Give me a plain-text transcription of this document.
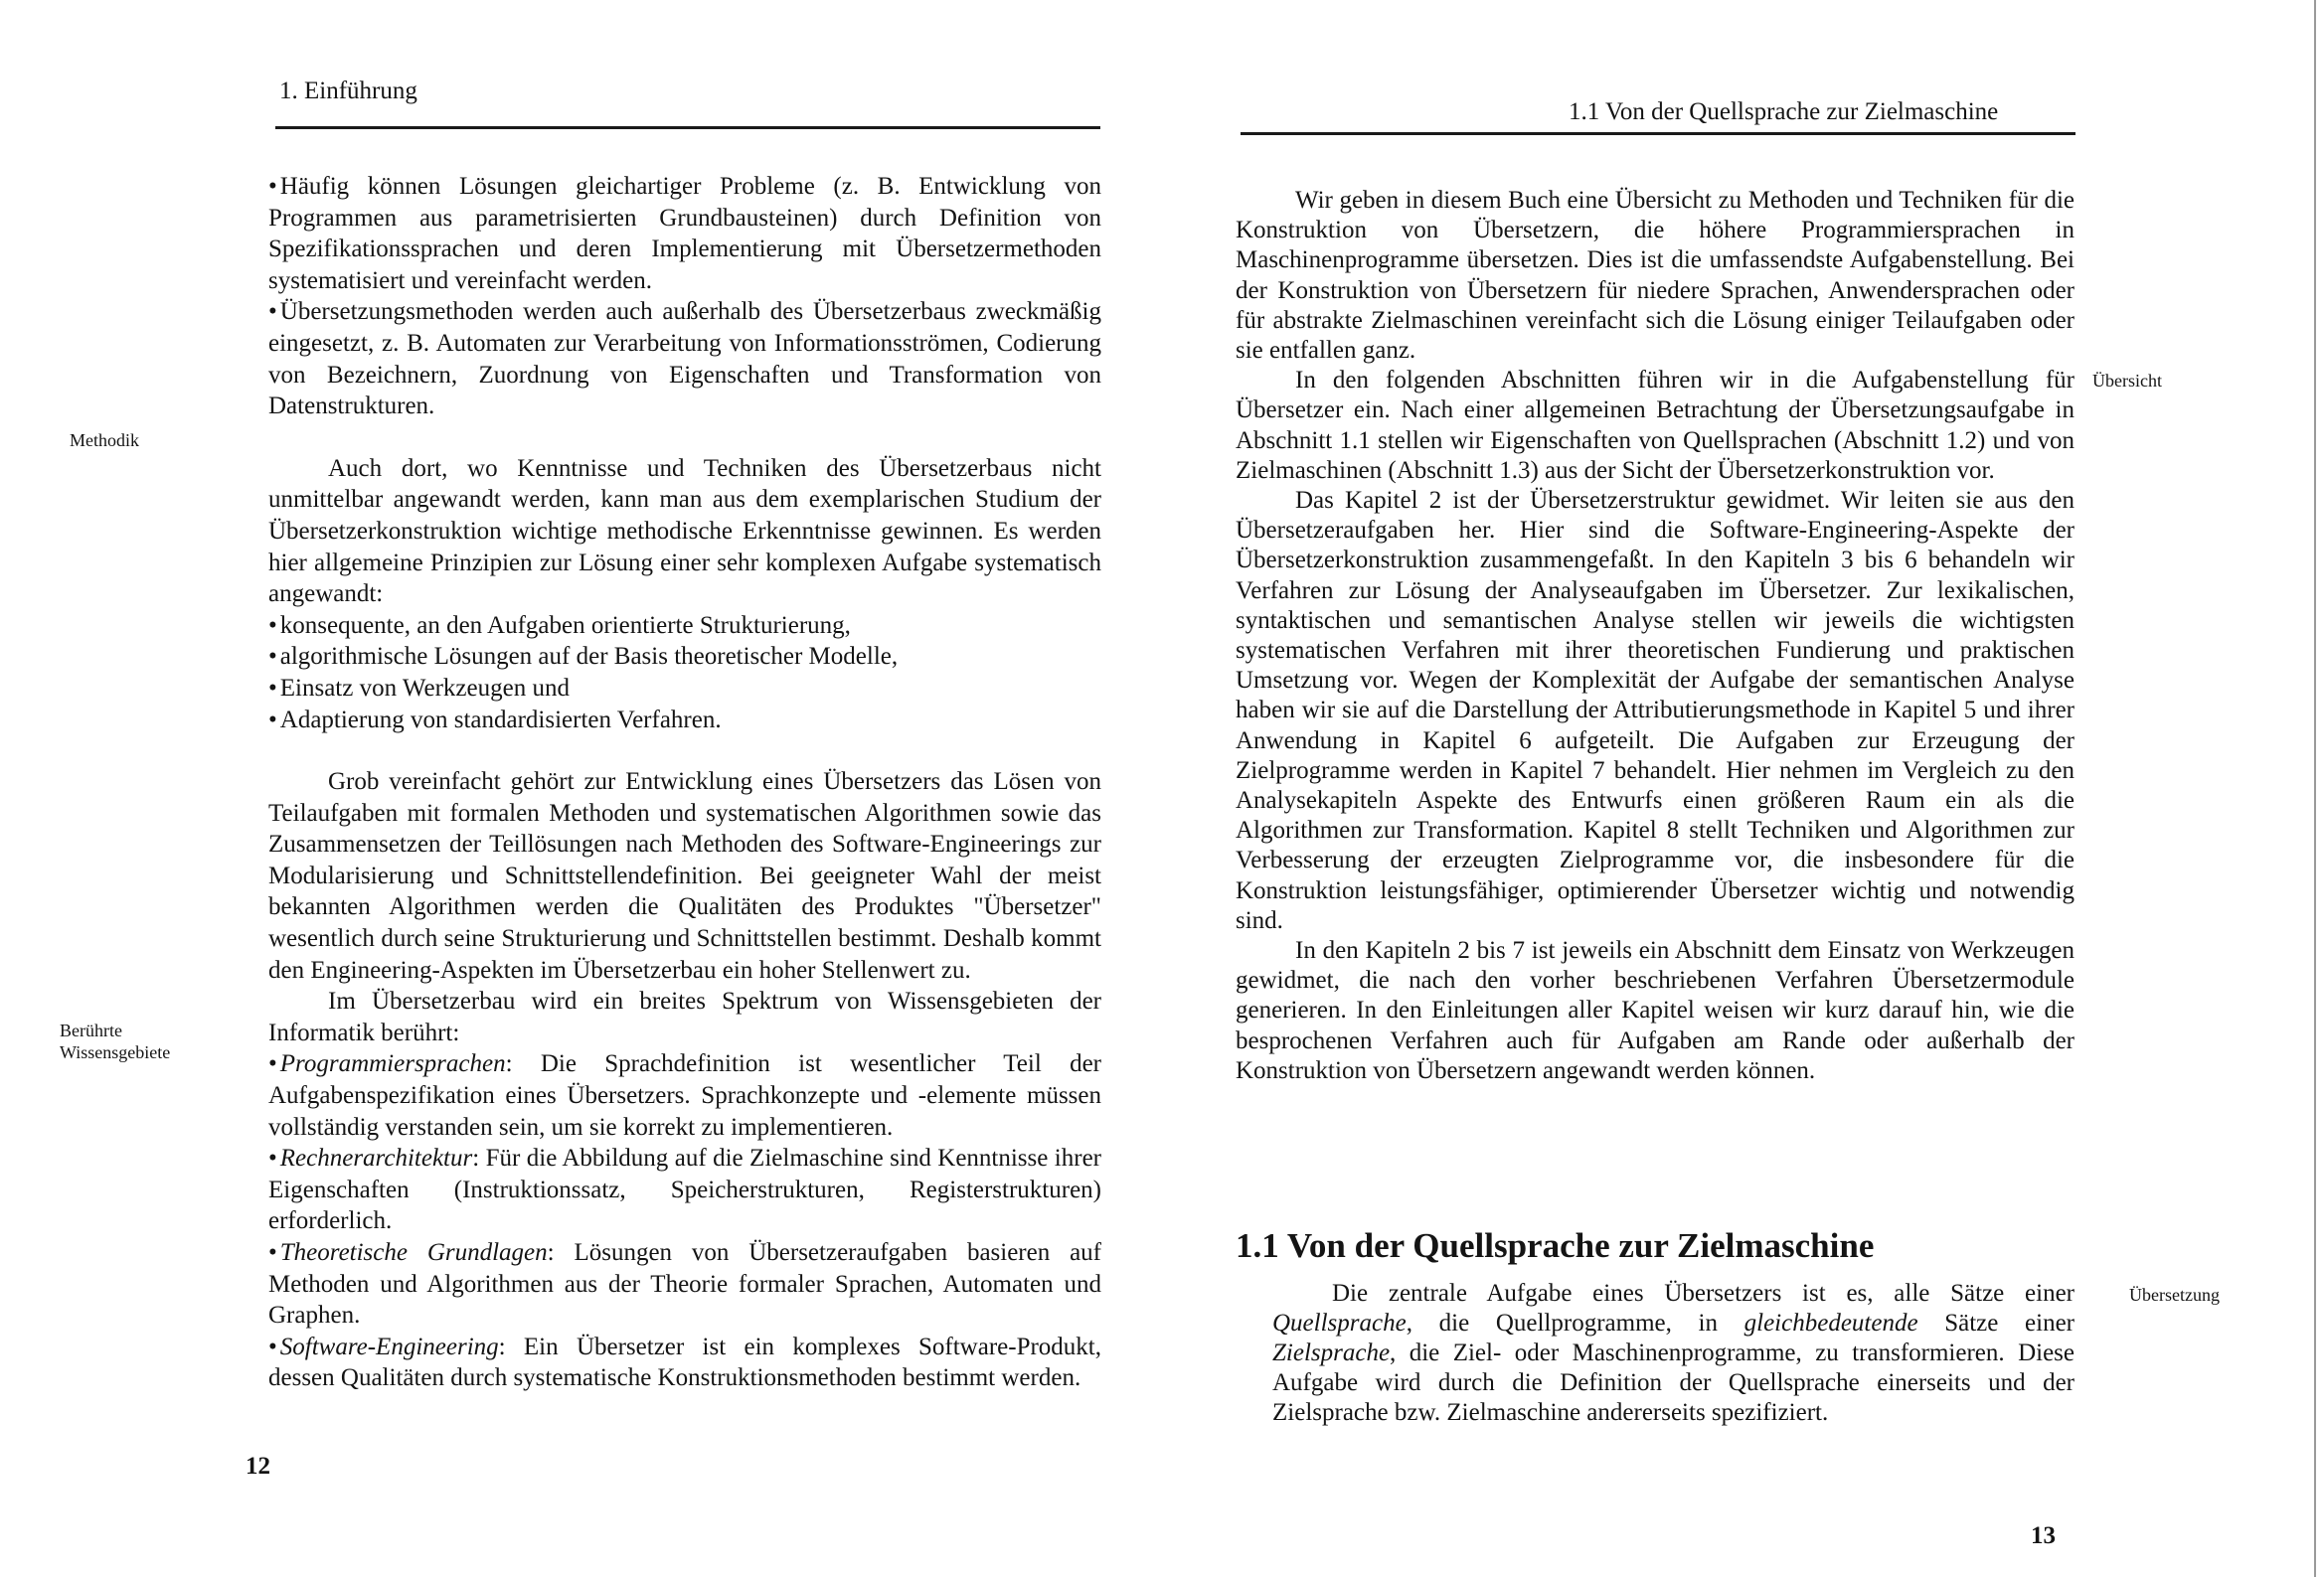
1. Einführung
Methodik
Berührte
Wissensgebiete

• Häufig können Lösungen gleichartiger Probleme (z. B. Entwicklung von Programmen aus parametrisierten Grundbausteinen) durch Definition von Spezifikationssprachen und deren Implementierung mit Übersetzermethoden systematisiert und vereinfacht werden.

• Übersetzungsmethoden werden auch außerhalb des Übersetzerbaus zweckmäßig eingesetzt, z. B. Automaten zur Verarbeitung von Informationsströmen, Codierung von Bezeichnern, Zuordnung von Eigenschaften und Transformation von Datenstrukturen.

Auch dort, wo Kenntnisse und Techniken des Übersetzerbaus nicht unmittelbar angewandt werden, kann man aus dem exemplarischen Studium der Übersetzerkonstruktion wichtige methodische Erkenntnisse gewinnen. Es werden hier allgemeine Prinzipien zur Lösung einer sehr komplexen Aufgabe systematisch angewandt:

• konsequente, an den Aufgaben orientierte Strukturierung,

• algorithmische Lösungen auf der Basis theoretischer Modelle,

• Einsatz von Werkzeugen und

• Adaptierung von standardisierten Verfahren.

Grob vereinfacht gehört zur Entwicklung eines Übersetzers das Lösen von Teilaufgaben mit formalen Methoden und systematischen Algorithmen sowie das Zusammensetzen der Teillösungen nach Methoden des Software-Engineerings zur Modularisierung und Schnittstellendefinition. Bei geeigneter Wahl der meist bekannten Algorithmen werden die Qualitäten des Produktes "Übersetzer" wesentlich durch seine Strukturierung und Schnittstellen bestimmt. Deshalb kommt den Engineering-Aspekten im Übersetzerbau ein hoher Stellenwert zu.

Im Übersetzerbau wird ein breites Spektrum von Wissensgebieten der Informatik berührt:

• Programmiersprachen: Die Sprachdefinition ist wesentlicher Teil der Aufgabenspezifikation eines Übersetzers. Sprachkonzepte und -elemente müssen vollständig verstanden sein, um sie korrekt zu implementieren.

• Rechnerarchitektur: Für die Abbildung auf die Zielmaschine sind Kenntnisse ihrer Eigenschaften (Instruktionssatz, Speicherstrukturen, Registerstrukturen) erforderlich.

• Theoretische Grundlagen: Lösungen von Übersetzeraufgaben basieren auf Methoden und Algorithmen aus der Theorie formaler Sprachen, Automaten und Graphen.

• Software-Engineering: Ein Übersetzer ist ein komplexes Software-Produkt, dessen Qualitäten durch systematische Konstruktionsmethoden bestimmt werden.

12
1.1 Von der Quellsprache zur Zielmaschine
Übersicht
Übersetzung

Wir geben in diesem Buch eine Übersicht zu Methoden und Techniken für die Konstruktion von Übersetzern, die höhere Programmiersprachen in Maschinenprogramme übersetzen. Dies ist die umfassendste Aufgabenstellung. Bei der Konstruktion von Übersetzern für niedere Sprachen, Anwendersprachen oder für abstrakte Zielmaschinen vereinfacht sich die Lösung einiger Teilaufgaben oder sie entfallen ganz.

In den folgenden Abschnitten führen wir in die Aufgabenstellung für Übersetzer ein. Nach einer allgemeinen Betrachtung der Übersetzungsaufgabe in Abschnitt 1.1 stellen wir Eigenschaften von Quellsprachen (Abschnitt 1.2) und von Zielmaschinen (Abschnitt 1.3) aus der Sicht der Übersetzerkonstruktion vor.

Das Kapitel 2 ist der Übersetzerstruktur gewidmet. Wir leiten sie aus den Übersetzeraufgaben her. Hier sind die Software-Engineering-Aspekte der Übersetzerkonstruktion zusammengefaßt. In den Kapiteln 3 bis 6 behandeln wir Verfahren zur Lösung der Analyseaufgaben im Übersetzer. Zur lexikalischen, syntaktischen und semantischen Analyse stellen wir jeweils die wichtigsten systematischen Verfahren mit ihrer theoretischen Fundierung und praktischen Umsetzung vor. Wegen der Komplexität der Aufgabe der semantischen Analyse haben wir sie auf die Darstellung der Attributierungsmethode in Kapitel 5 und ihrer Anwendung in Kapitel 6 aufgeteilt. Die Aufgaben zur Erzeugung der Zielprogramme werden in Kapitel 7 behandelt. Hier nehmen im Vergleich zu den Analysekapiteln Aspekte des Entwurfs einen größeren Raum ein als die Algorithmen zur Transformation. Kapitel 8 stellt Techniken und Algorithmen zur Verbesserung der erzeugten Zielprogramme vor, die insbesondere für die Konstruktion leistungsfähiger, optimierender Übersetzer wichtig und notwendig sind.

In den Kapiteln 2 bis 7 ist jeweils ein Abschnitt dem Einsatz von Werkzeugen gewidmet, die nach den vorher beschriebenen Verfahren Übersetzermodule generieren. In den Einleitungen aller Kapitel weisen wir kurz darauf hin, wie die besprochenen Verfahren auch für Aufgaben am Rande oder außerhalb der Konstruktion von Übersetzern angewandt werden können.

1.1 Von der Quellsprache zur Zielmaschine

Die zentrale Aufgabe eines Übersetzers ist es, alle Sätze einer Quellsprache, die Quellprogramme, in gleichbedeutende Sätze einer Zielsprache, die Ziel- oder Maschinenprogramme, zu transformieren. Diese Aufgabe wird durch die Definition der Quellsprache einerseits und der Zielsprache bzw. Zielmaschine andererseits spezifiziert.

13
